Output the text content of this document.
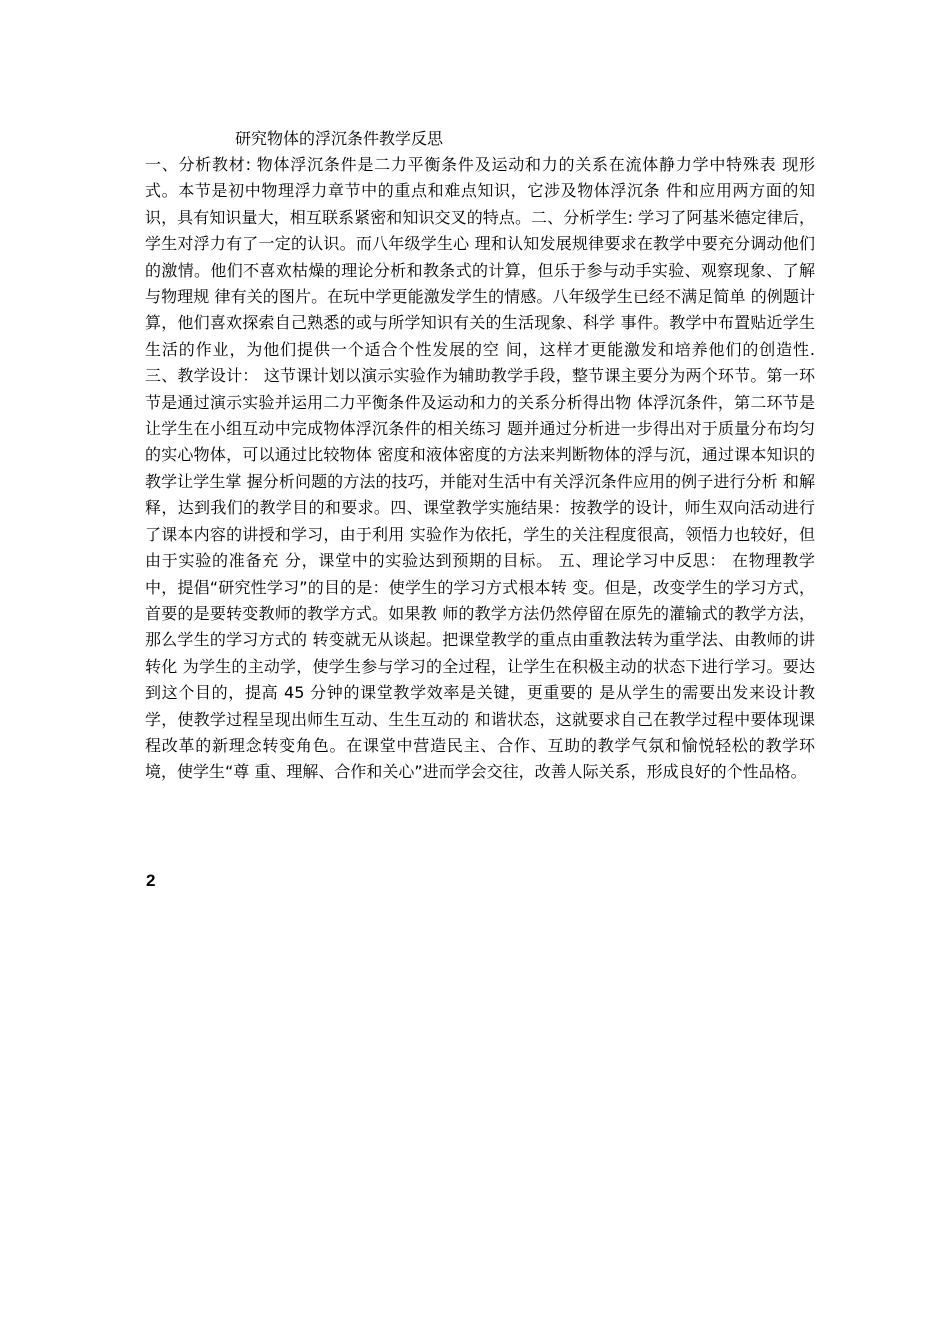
研究物体的浮沉条件教学反思

一、分析教材: 物体浮沉条件是二力平衡条件及运动和力的关系在流体静力学中特殊表 现形式。本节是初中物理浮力章节中的重点和难点知识，它涉及物体浮沉条 件和应用两方面的知识，具有知识量大，相互联系紧密和知识交叉的特点。二、分析学生: 学习了阿基米德定律后，学生对浮力有了一定的认识。而八年级学生心 理和认知发展规律要求在教学中要充分调动他们的激情。他们不喜欢枯燥的理论分析和教条式的计算，但乐于参与动手实验、观察现象、了解与物理规 律有关的图片。在玩中学更能激发学生的情感。八年级学生已经不满足简单 的例题计算，他们喜欢探索自己熟悉的或与所学知识有关的生活现象、科学 事件。教学中布置贴近学生生活的作业，为他们提供一个适合个性发展的空 间，这样才更能激发和培养他们的创造性. 三、教学设计： 这节课计划以演示实验作为辅助教学手段，整节课主要分为两个环节。第一环节是通过演示实验并运用二力平衡条件及运动和力的关系分析得出物 体浮沉条件，第二环节是让学生在小组互动中完成物体浮沉条件的相关练习 题并通过分析进一步得出对于质量分布均匀的实心物体，可以通过比较物体 密度和液体密度的方法来判断物体的浮与沉，通过课本知识的教学让学生掌 握分析问题的方法的技巧，并能对生活中有关浮沉条件应用的例子进行分析 和解释，达到我们的教学目的和要求。四、课堂教学实施结果：按教学的设计，师生双向活动进行了课本内容的讲授和学习，由于利用 实验作为依托，学生的关注程度很高，领悟力也较好，但由于实验的准备充 分，课堂中的实验达到预期的目标。 五、理论学习中反思： 在物理教学中，提倡“研究性学习”的目的是：使学生的学习方式根本转 变。但是，改变学生的学习方式，首要的是要转变教师的教学方式。如果教 师的教学方法仍然停留在原先的灌输式的教学方法，那么学生的学习方式的 转变就无从谈起。把课堂教学的重点由重教法转为重学法、由教师的讲转化 为学生的主动学，使学生参与学习的全过程，让学生在积极主动的状态下进行学习。要达到这个目的，提高 45 分钟的课堂教学效率是关键，更重要的 是从学生的需要出发来设计教学，使教学过程呈现出师生互动、生生互动的 和谐状态，这就要求自己在教学过程中要体现课程改革的新理念转变角色。在课堂中营造民主、合作、互助的教学气氛和愉悦轻松的教学环境，使学生“尊 重、理解、合作和关心”进而学会交往，改善人际关系，形成良好的个性品格。

2
